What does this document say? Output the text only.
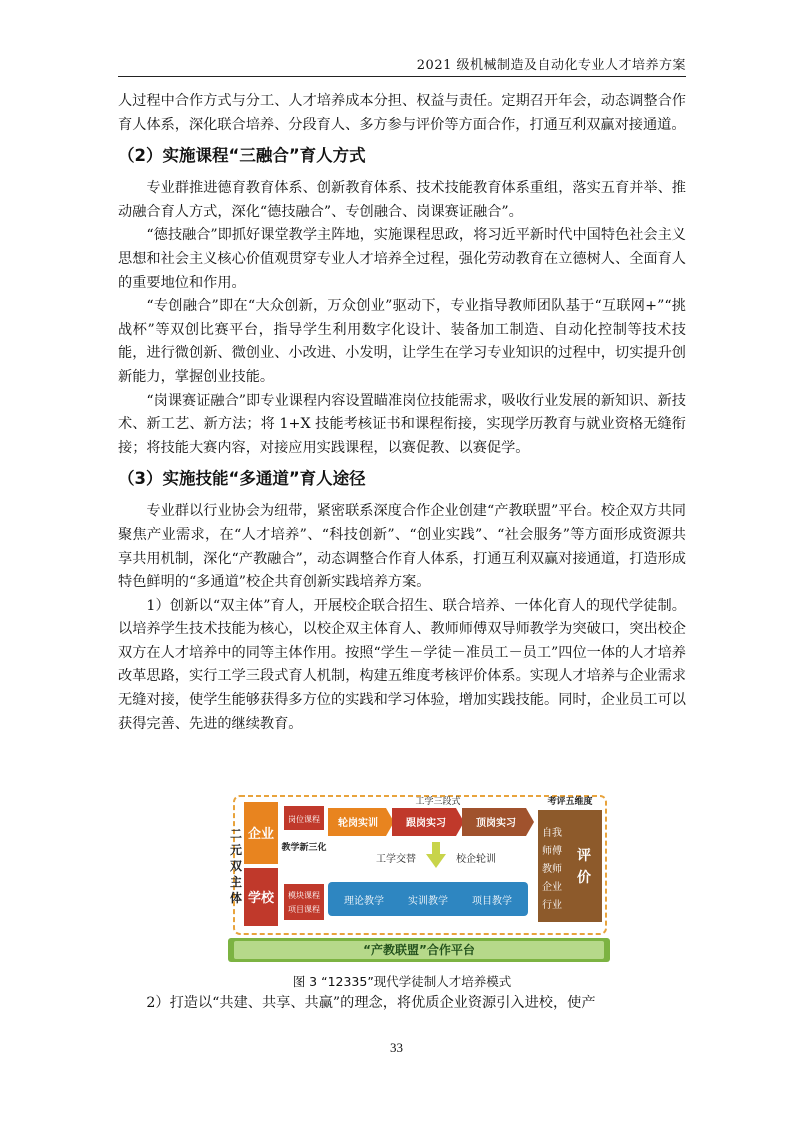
2021 级机械制造及自动化专业人才培养方案

人过程中合作方式与分工、人才培养成本分担、权益与责任。定期召开年会，动态调整合作育人体系，深化联合培养、分段育人、多方参与评价等方面合作，打通互利双赢对接通道。

（2）实施课程“三融合”育人方式

专业群推进德育教育体系、创新教育体系、技术技能教育体系重组，落实五育并举、推动融合育人方式，深化“德技融合”、专创融合、岗课赛证融合”。

“德技融合”即抓好课堂教学主阵地，实施课程思政，将习近平新时代中国特色社会主义思想和社会主义核心价值观贯穿专业人才培养全过程，强化劳动教育在立德树人、全面育人的重要地位和作用。

“专创融合”即在“大众创新，万众创业”驱动下，专业指导教师团队基于“互联网+”“挑战杯”等双创比赛平台，指导学生利用数字化设计、装备加工制造、自动化控制等技术技能，进行微创新、微创业、小改进、小发明，让学生在学习专业知识的过程中，切实提升创新能力，掌握创业技能。

“岗课赛证融合”即专业课程内容设置瞄准岗位技能需求，吸收行业发展的新知识、新技术、新工艺、新方法；将 1+X 技能考核证书和课程衔接，实现学历教育与就业资格无缝衔接；将技能大赛内容，对接应用实践课程，以赛促教、以赛促学。

（3）实施技能“多通道”育人途径

专业群以行业协会为纽带，紧密联系深度合作企业创建“产教联盟”平台。校企双方共同聚焦产业需求，在“人才培养”、“科技创新”、“创业实践”、“社会服务”等方面形成资源共享共用机制，深化“产教融合”，动态调整合作育人体系，打通互利双赢对接通道，打造形成特色鲜明的“多通道”校企共育创新实践培养方案。

1）创新以“双主体”育人，开展校企联合招生、联合培养、一体化育人的现代学徒制。以培养学生技术技能为核心，以校企双主体育人、教师师傅双导师教学为突破口，突出校企双方在人才培养中的同等主体作用。按照“学生－学徒－准员工－员工”四位一体的人才培养改革思路，实行工学三段式育人机制，构建五维度考核评价体系。实现人才培养与企业需求无缝对接，使学生能够获得多方位的实践和学习体验，增加实践技能。同时，企业员工可以获得完善、先进的继续教育。

二
元
双
主
体
企业
学校
岗位课程
教学新三化
模块课程
项目课程
工学三段式
轮岗实训	跟岗实习	顶岗实习
工学交替	校企轮训
理论教学 实训教学 项目教学
考评五维度
自我
师傅
教师
企业
行业
评
价
“产教联盟”合作平台
图 3 “12335”现代学徒制人才培养模式

2）打造以“共建、共享、共赢”的理念，将优质企业资源引入进校，使产

33
